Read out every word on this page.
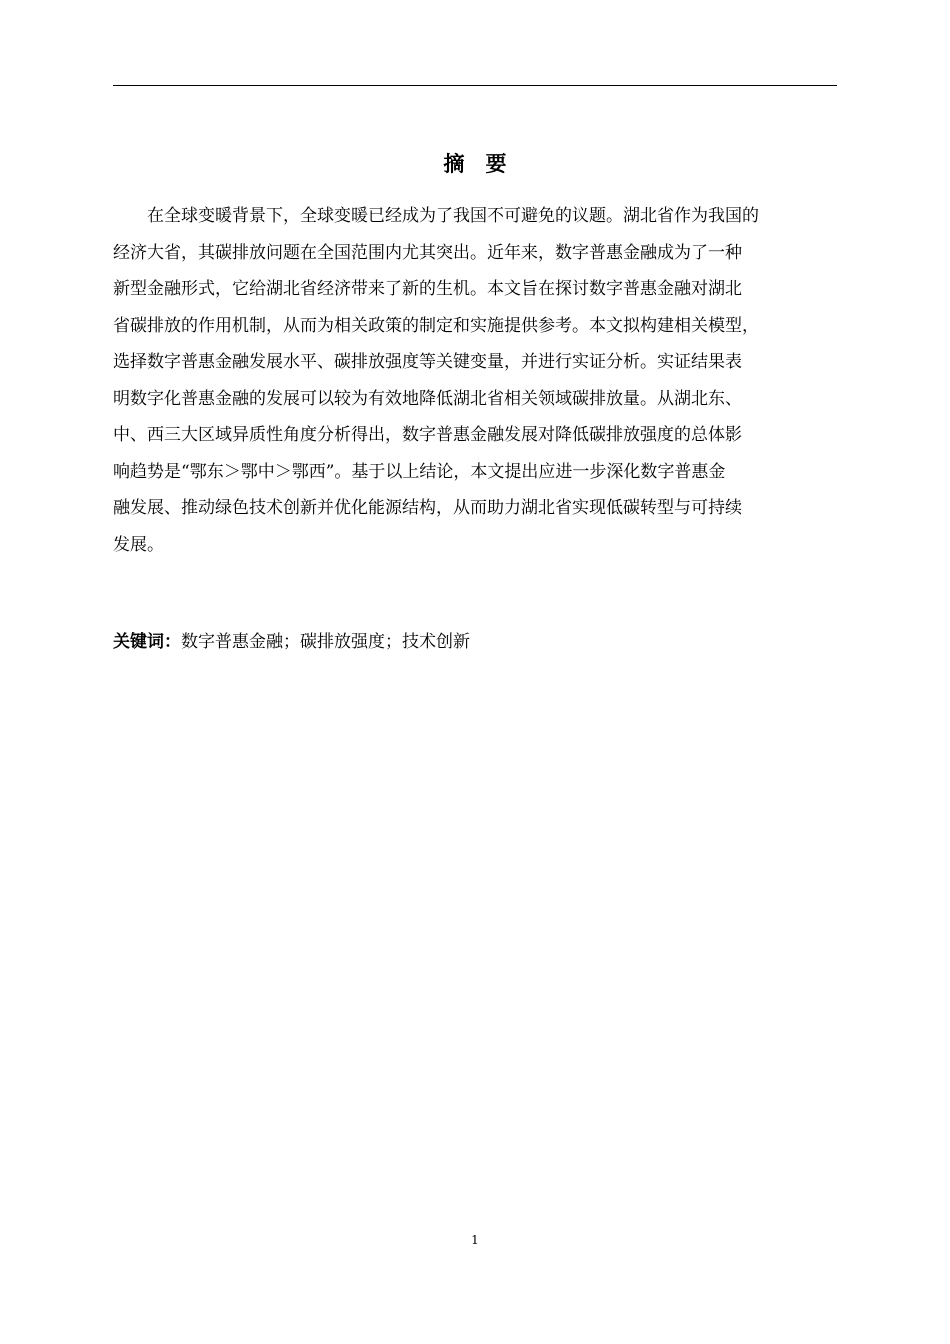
摘　要
在全球变暖背景下，全球变暖已经成为了我国不可避免的议题。湖北省作为我国的
经济大省，其碳排放问题在全国范围内尤其突出。近年来，数字普惠金融成为了一种
新型金融形式，它给湖北省经济带来了新的生机。本文旨在探讨数字普惠金融对湖北
省碳排放的作用机制，从而为相关政策的制定和实施提供参考。本文拟构建相关模型，
选择数字普惠金融发展水平、碳排放强度等关键变量，并进行实证分析。实证结果表
明数字化普惠金融的发展可以较为有效地降低湖北省相关领域碳排放量。从湖北东、
中、西三大区域异质性角度分析得出，数字普惠金融发展对降低碳排放强度的总体影
响趋势是“鄂东＞鄂中＞鄂西”。基于以上结论，本文提出应进一步深化数字普惠金
融发展、推动绿色技术创新并优化能源结构，从而助力湖北省实现低碳转型与可持续
发展。
关键词：数字普惠金融；碳排放强度；技术创新
1
